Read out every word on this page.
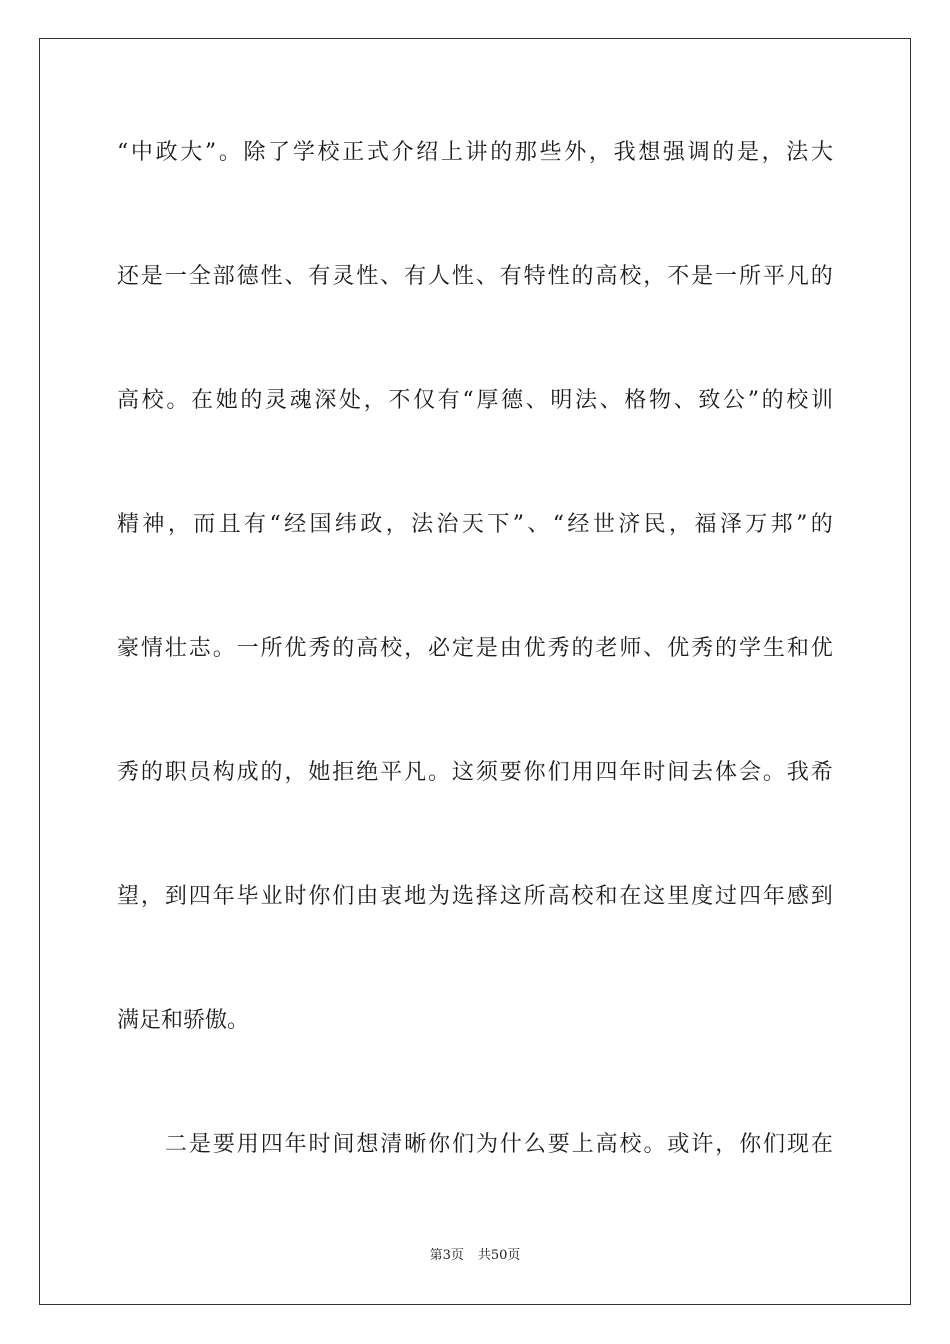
“ 中 政 大 ” 。 除 了 学 校 正 式 介 绍 上 讲 的 那 些 外 ， 我 想 强 调 的 是 ， 法 大
还 是 一 全 部 德 性 、 有 灵 性 、 有 人 性 、 有 特 性 的 高 校 ， 不 是 一 所 平 凡 的
高 校 。 在 她 的 灵 魂 深 处 ， 不 仅 有 “ 厚 德 、 明 法 、 格 物 、 致 公 ” 的 校 训
精 神 ， 而 且 有 “ 经 国 纬 政 ， 法 治 天 下 ” 、 “ 经 世 济 民 ， 福 泽 万 邦 ” 的
豪 情 壮 志 。 一 所 优 秀 的 高 校 ， 必 定 是 由 优 秀 的 老 师 、 优 秀 的 学 生 和 优
秀 的 职 员 构 成 的 ， 她 拒 绝 平 凡 。 这 须 要 你 们 用 四 年 时 间 去 体 会 。 我 希
望 ， 到 四 年 毕 业 时 你 们 由 衷 地 为 选 择 这 所 高 校 和 在 这 里 度 过 四 年 感 到
满足和骄傲。
二 是 要 用 四 年 时 间 想 清 晰 你 们 为 什 么 要 上 高 校 。 或 许 ， 你 们 现 在
第3页 共50页
